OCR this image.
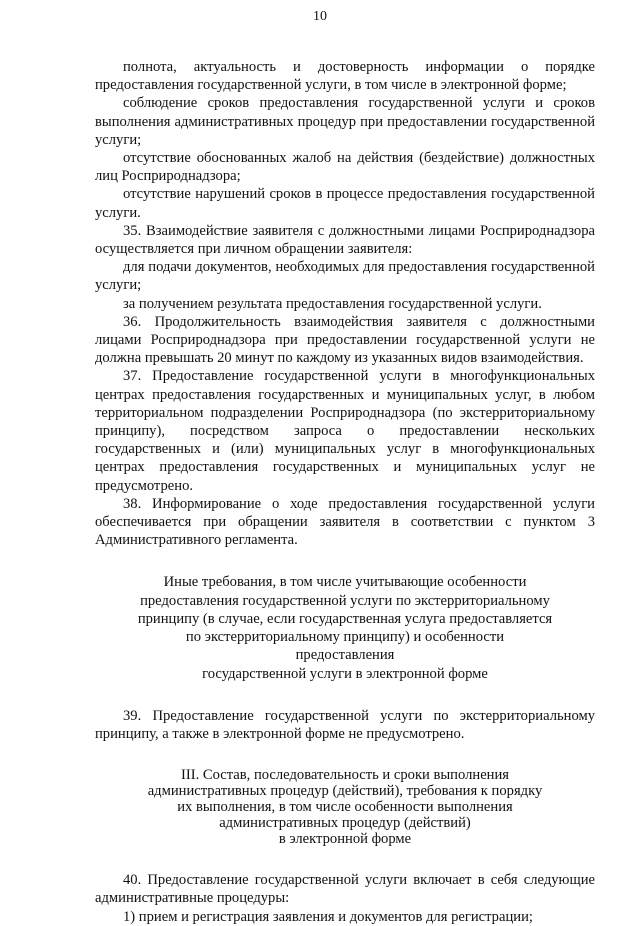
10

полнота, актуальность и достоверность информации о порядке предоставления государственной услуги, в том числе в электронной форме;

соблюдение сроков предоставления государственной услуги и сроков выполнения административных процедур при предоставлении государственной услуги;

отсутствие обоснованных жалоб на действия (бездействие) должностных лиц Росприроднадзора;

отсутствие нарушений сроков в процессе предоставления государственной услуги.

35. Взаимодействие заявителя с должностными лицами Росприроднадзора осуществляется при личном обращении заявителя:

для подачи документов, необходимых для предоставления государственной услуги;

за получением результата предоставления государственной услуги.

36. Продолжительность взаимодействия заявителя с должностными лицами Росприроднадзора при предоставлении государственной услуги не должна превышать 20 минут по каждому из указанных видов взаимодействия.

37. Предоставление государственной услуги в многофункциональных центрах предоставления государственных и муниципальных услуг, в любом территориальном подразделении Росприроднадзора (по экстерриториальному принципу), посредством запроса о предоставлении нескольких государственных и (или) муниципальных услуг в многофункциональных центрах предоставления государственных и муниципальных услуг не предусмотрено.

38. Информирование о ходе предоставления государственной услуги обеспечивается при обращении заявителя в соответствии с пунктом 3 Административного регламента.

Иные требования, в том числе учитывающие особенности
предоставления государственной услуги по экстерриториальному
принципу (в случае, если государственная услуга предоставляется
по экстерриториальному принципу) и особенности предоставления
государственной услуги в электронной форме

39. Предоставление государственной услуги по экстерриториальному принципу, а также в электронной форме не предусмотрено.

III. Состав, последовательность и сроки выполнения
административных процедур (действий), требования к порядку
их выполнения, в том числе особенности выполнения
административных процедур (действий)
в электронной форме

40. Предоставление государственной услуги включает в себя следующие административные процедуры:

1) прием и регистрация заявления и документов для регистрации;
